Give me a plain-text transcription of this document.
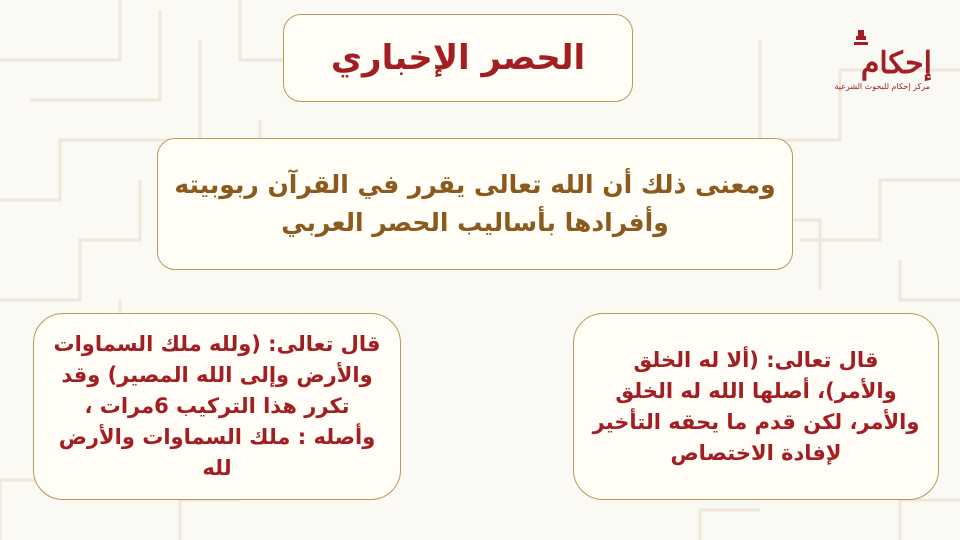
إحكام
مركز إحكام للبحوث الشرعية
الحصر الإخباري
ومعنى ذلك أن الله تعالى يقرر في القرآن ربوبيته
وأفرادها بأساليب الحصر العربي
قال تعالى: (ألا له الخلق
والأمر)، أصلها الله له الخلق
والأمر، لكن قدم ما يحقه التأخير
لإفادة الاختصاص
قال تعالى: (ولله ملك السماوات
والأرض وإلى الله المصير) وقد
تكرر هذا التركيب 6مرات ،
وأصله : ملك السماوات والأرض
لله
